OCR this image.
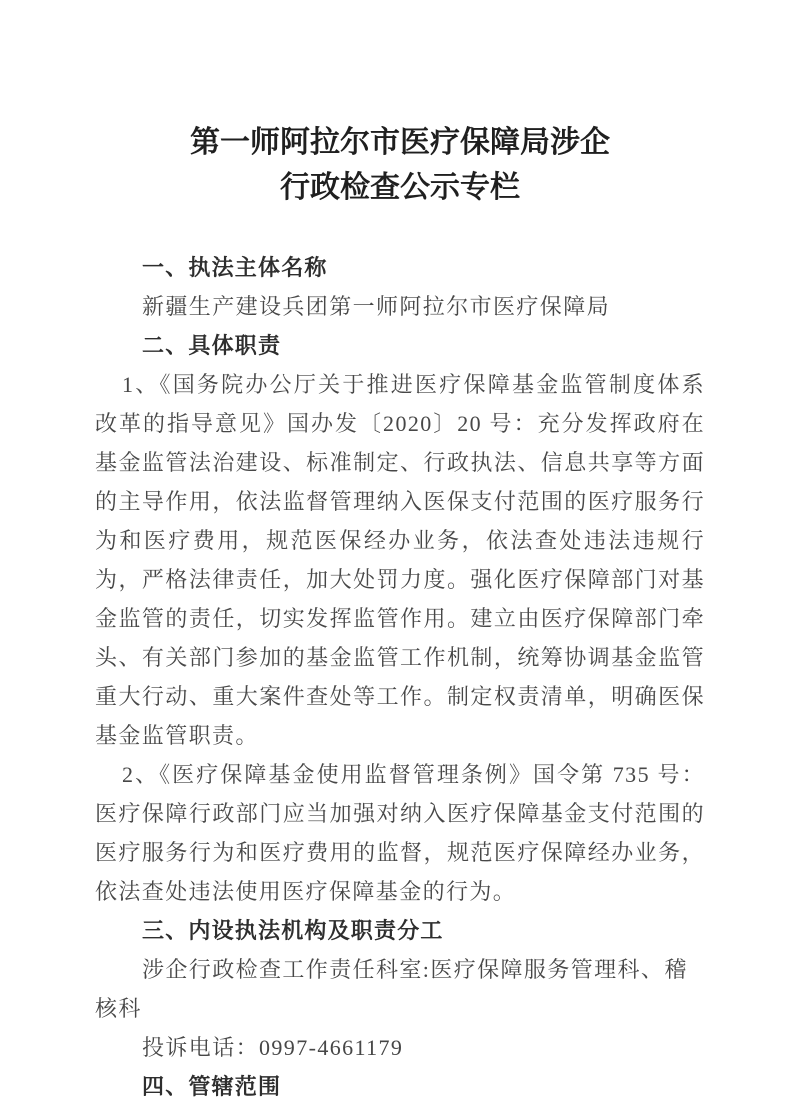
第一师阿拉尔市医疗保障局涉企
行政检查公示专栏

一、执法主体名称

新疆生产建设兵团第一师阿拉尔市医疗保障局

二、具体职责

1、《国务院办公厅关于推进医疗保障基金监管制度体系改革的指导意见》国办发〔2020〕20 号：充分发挥政府在基金监管法治建设、标准制定、行政执法、信息共享等方面的主导作用，依法监督管理纳入医保支付范围的医疗服务行为和医疗费用，规范医保经办业务，依法查处违法违规行为，严格法律责任，加大处罚力度。强化医疗保障部门对基金监管的责任，切实发挥监管作用。建立由医疗保障部门牵头、有关部门参加的基金监管工作机制，统筹协调基金监管重大行动、重大案件查处等工作。制定权责清单，明确医保基金监管职责。

2、《医疗保障基金使用监督管理条例》国令第 735 号：医疗保障行政部门应当加强对纳入医疗保障基金支付范围的医疗服务行为和医疗费用的监督，规范医疗保障经办业务，依法查处违法使用医疗保障基金的行为。

三、内设执法机构及职责分工

涉企行政检查工作责任科室:医疗保障服务管理科、稽核科

投诉电话：0997-4661179

四、管辖范围
